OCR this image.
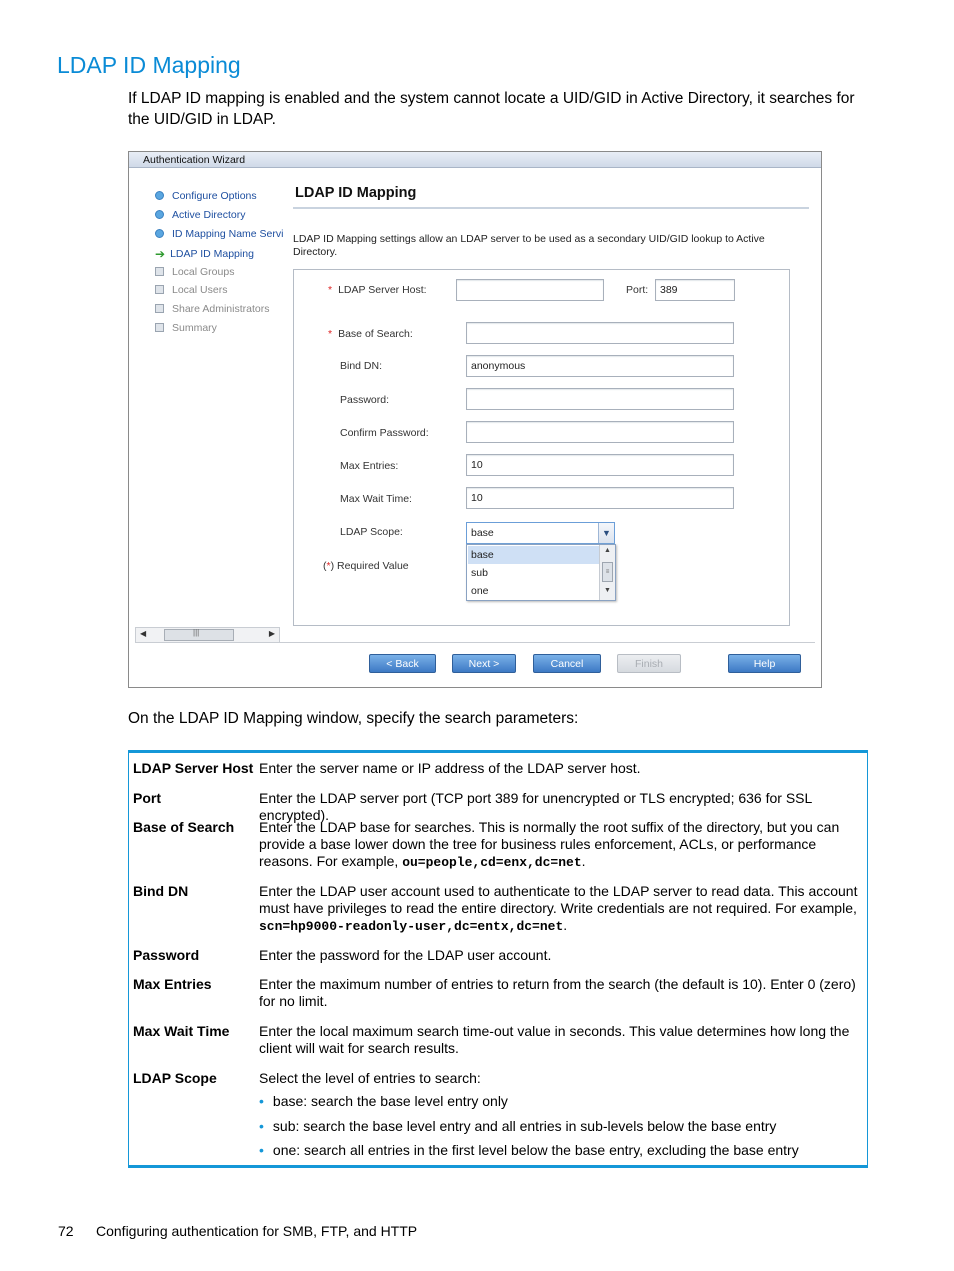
LDAP ID Mapping
If LDAP ID mapping is enabled and the system cannot locate a UID/GID in Active Directory, it searches for the UID/GID in LDAP.
Authentication Wizard
Configure Options
Active Directory
ID Mapping Name Servi
➔ LDAP ID Mapping
Local Groups
Local Users
Share Administrators
Summary
◀	|||	▶
LDAP ID Mapping
LDAP ID Mapping settings allow an LDAP server to be used as a secondary UID/GID lookup to Active Directory.
* LDAP Server Host:	Port:	389
* Base of Search:
Bind DN:	anonymous
Password:
Confirm Password:
Max Entries:	10
Max Wait Time:	10
LDAP Scope:	base	▼
base
sub
one
▲
≡
▼
(*) Required Value
< Back	Next >	Cancel	Finish	Help
On the LDAP ID Mapping window, specify the search parameters:
LDAP Server Host Enter the server name or IP address of the LDAP server host.
Port	Enter the LDAP server port (TCP port 389 for unencrypted or TLS encrypted; 636 for SSL encrypted).
Base of Search	Enter the LDAP base for searches. This is normally the root suffix of the directory, but you can provide a base lower down the tree for business rules enforcement, ACLs, or performance reasons. For example, ou=people,cd=enx,dc=net.
Bind DN	Enter the LDAP user account used to authenticate to the LDAP server to read data. This account must have privileges to read the entire directory. Write credentials are not required. For example, scn=hp9000-readonly-user,dc=entx,dc=net.
Password	Enter the password for the LDAP user account.
Max Entries	Enter the maximum number of entries to return from the search (the default is 10). Enter 0 (zero) for no limit.
Max Wait Time	Enter the local maximum search time-out value in seconds. This value determines how long the client will wait for search results.
LDAP Scope	Select the level of entries to search:
• base: search the base level entry only
• sub: search the base level entry and all entries in sub-levels below the base entry
• one: search all entries in the first level below the base entry, excluding the base entry
72 Configuring authentication for SMB, FTP, and HTTP
